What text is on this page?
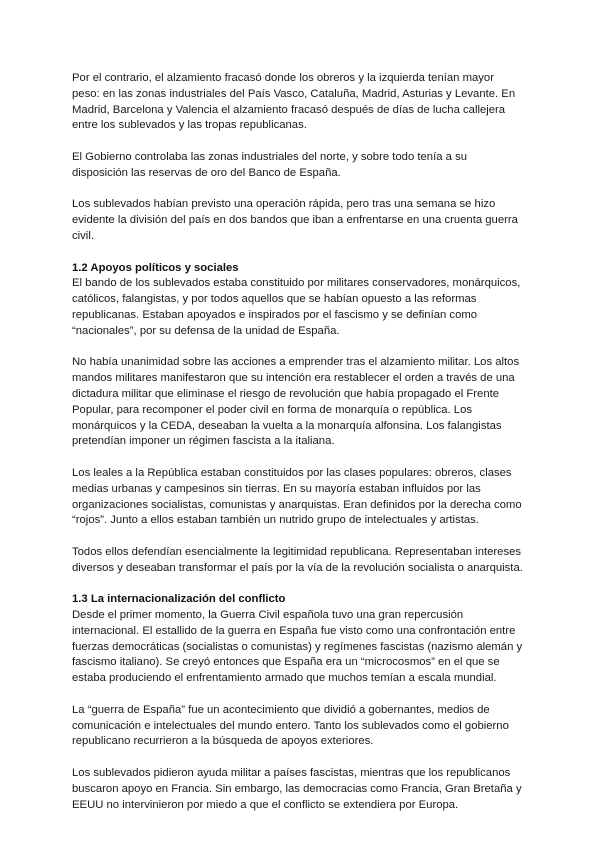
Por el contrario, el alzamiento fracasó donde los obreros y la izquierda tenían mayor peso: en las zonas industriales del País Vasco, Cataluña, Madrid, Asturias y Levante. En Madrid, Barcelona y Valencia el alzamiento fracasó después de días de lucha callejera entre los sublevados y las tropas republicanas.

El Gobierno controlaba las zonas industriales del norte, y sobre todo tenía a su disposición las reservas de oro del Banco de España.

Los sublevados habían previsto una operación rápida, pero tras una semana se hizo evidente la división del país en dos bandos que iban a enfrentarse en una cruenta guerra civil.

1.2 Apoyos políticos y sociales

El bando de los sublevados estaba constituido por militares conservadores, monárquicos, católicos, falangistas, y por todos aquellos que se habían opuesto a las reformas republicanas. Estaban apoyados e inspirados por el fascismo y se definían como “nacionales”, por su defensa de la unidad de España.

No había unanimidad sobre las acciones a emprender tras el alzamiento militar. Los altos mandos militares manifestaron que su intención era restablecer el orden a través de una dictadura militar que eliminase el riesgo de revolución que había propagado el Frente Popular, para recomponer el poder civil en forma de monarquía o república. Los monárquicos y la CEDA, deseaban la vuelta a la monarquía alfonsina. Los falangistas pretendían imponer un régimen fascista a la italiana.

Los leales a la República estaban constituidos por las clases populares: obreros, clases medias urbanas y campesinos sin tierras. En su mayoría estaban influidos por las organizaciones socialistas, comunistas y anarquistas. Eran definidos por la derecha como “rojos”. Junto a ellos estaban también un nutrido grupo de intelectuales y artistas.

Todos ellos defendían esencialmente la legitimidad republicana. Representaban intereses diversos y deseaban transformar el país por la vía de la revolución socialista o anarquista.

1.3 La internacionalización del conflicto

Desde el primer momento, la Guerra Civil española tuvo una gran repercusión internacional. El estallido de la guerra en España fue visto como una confrontación entre fuerzas democráticas (socialistas o comunistas) y regímenes fascistas (nazismo alemán y fascismo italiano). Se creyó entonces que España era un “microcosmos” en el que se estaba produciendo el enfrentamiento armado que muchos temían a escala mundial.

La “guerra de España” fue un acontecimiento que dividió a gobernantes, medios de comunicación e intelectuales del mundo entero. Tanto los sublevados como el gobierno republicano recurrieron a la búsqueda de apoyos exteriores.

Los sublevados pidieron ayuda militar a países fascistas, mientras que los republicanos buscaron apoyo en Francia. Sin embargo, las democracias como Francia, Gran Bretaña y EEUU no intervinieron por miedo a que el conflicto se extendiera por Europa.
